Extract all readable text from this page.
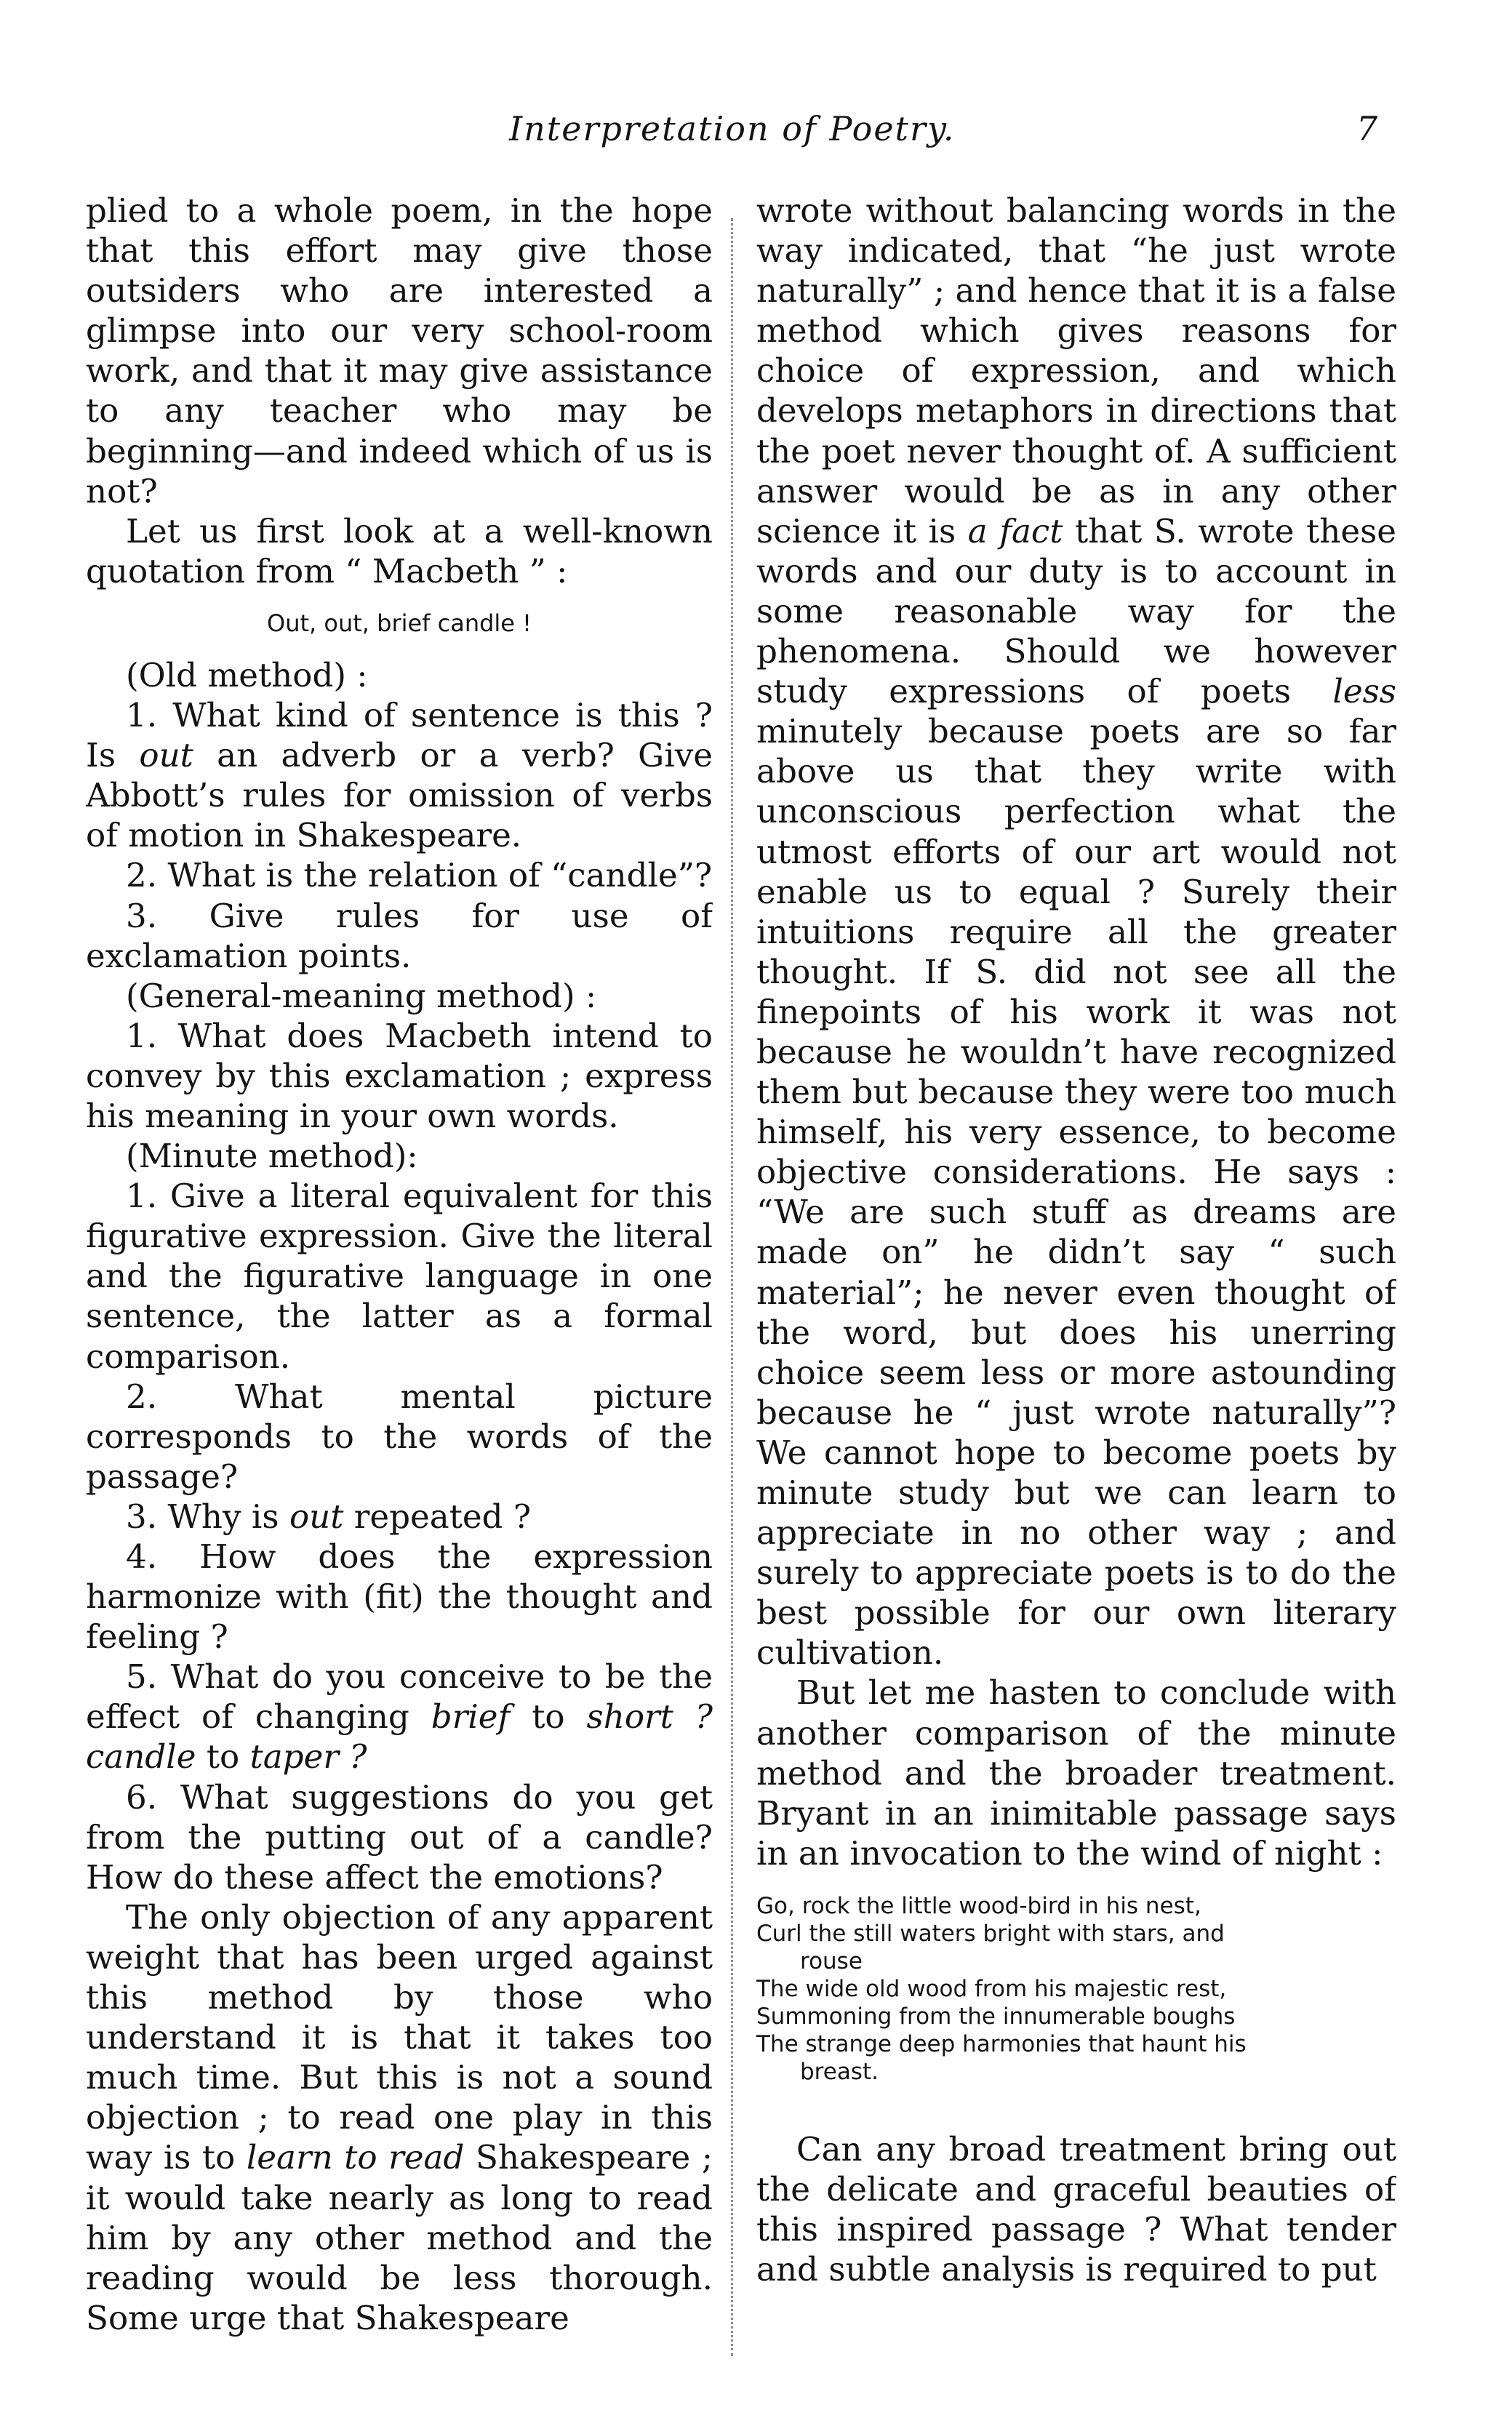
Interpretation of Poetry.	7

plied to a whole poem, in the hope that this effort may give those outsiders who are interested a glimpse into our very school-room work, and that it may give assistance to any teacher who may be beginning—and indeed which of us is not?

Let us first look at a well-known quotation from “ Macbeth ” :

Out, out, brief candle !

(Old method) :

1. What kind of sentence is this ? Is out an adverb or a verb? Give Abbott’s rules for omission of verbs of motion in Shakespeare.

2. What is the relation of “candle”?

3. Give rules for use of exclamation points.

(General-meaning method) :

1. What does Macbeth intend to convey by this exclamation ; express his meaning in your own words.

(Minute method):

1. Give a literal equivalent for this figurative expression. Give the literal and the figurative language in one sentence, the latter as a formal comparison.

2. What mental picture corresponds to the words of the passage?

3. Why is out repeated ?

4. How does the expression harmonize with (fit) the thought and feeling ?

5. What do you conceive to be the effect of changing brief to short ? candle to taper ?

6. What suggestions do you get from the putting out of a candle? How do these affect the emotions?

The only objection of any apparent weight that has been urged against this method by those who understand it is that it takes too much time. But this is not a sound objection ; to read one play in this way is to learn to read Shakespeare ; it would take nearly as long to read him by any other method and the reading would be less thorough. Some urge that Shakespeare

wrote without balancing words in the way indicated, that “he just wrote naturally” ; and hence that it is a false method which gives reasons for choice of expression, and which develops metaphors in directions that the poet never thought of. A sufficient answer would be as in any other science it is a fact that S. wrote these words and our duty is to account in some reasonable way for the phenomena. Should we however study expressions of poets less minutely because poets are so far above us that they write with unconscious perfection what the utmost efforts of our art would not enable us to equal ? Surely their intuitions require all the greater thought. If S. did not see all the finepoints of his work it was not because he wouldn’t have recognized them but because they were too much himself, his very essence, to become objective considerations. He says : “We are such stuff as dreams are made on” he didn’t say “ such material”; he never even thought of the word, but does his unerring choice seem less or more astounding because he “ just wrote naturally”? We cannot hope to become poets by minute study but we can learn to appreciate in no other way ; and surely to appreciate poets is to do the best possible for our own literary cultivation.

But let me hasten to conclude with another comparison of the minute method and the broader treatment. Bryant in an inimitable passage says in an invocation to the wind of night :

Go, rock the little wood-bird in his nest,
Curl the still waters bright with stars, and
rouse
The wide old wood from his majestic rest,
Summoning from the innumerable boughs
The strange deep harmonies that haunt his
breast.

Can any broad treatment bring out the delicate and graceful beauties of this inspired passage ? What tender and subtle analysis is required to put
